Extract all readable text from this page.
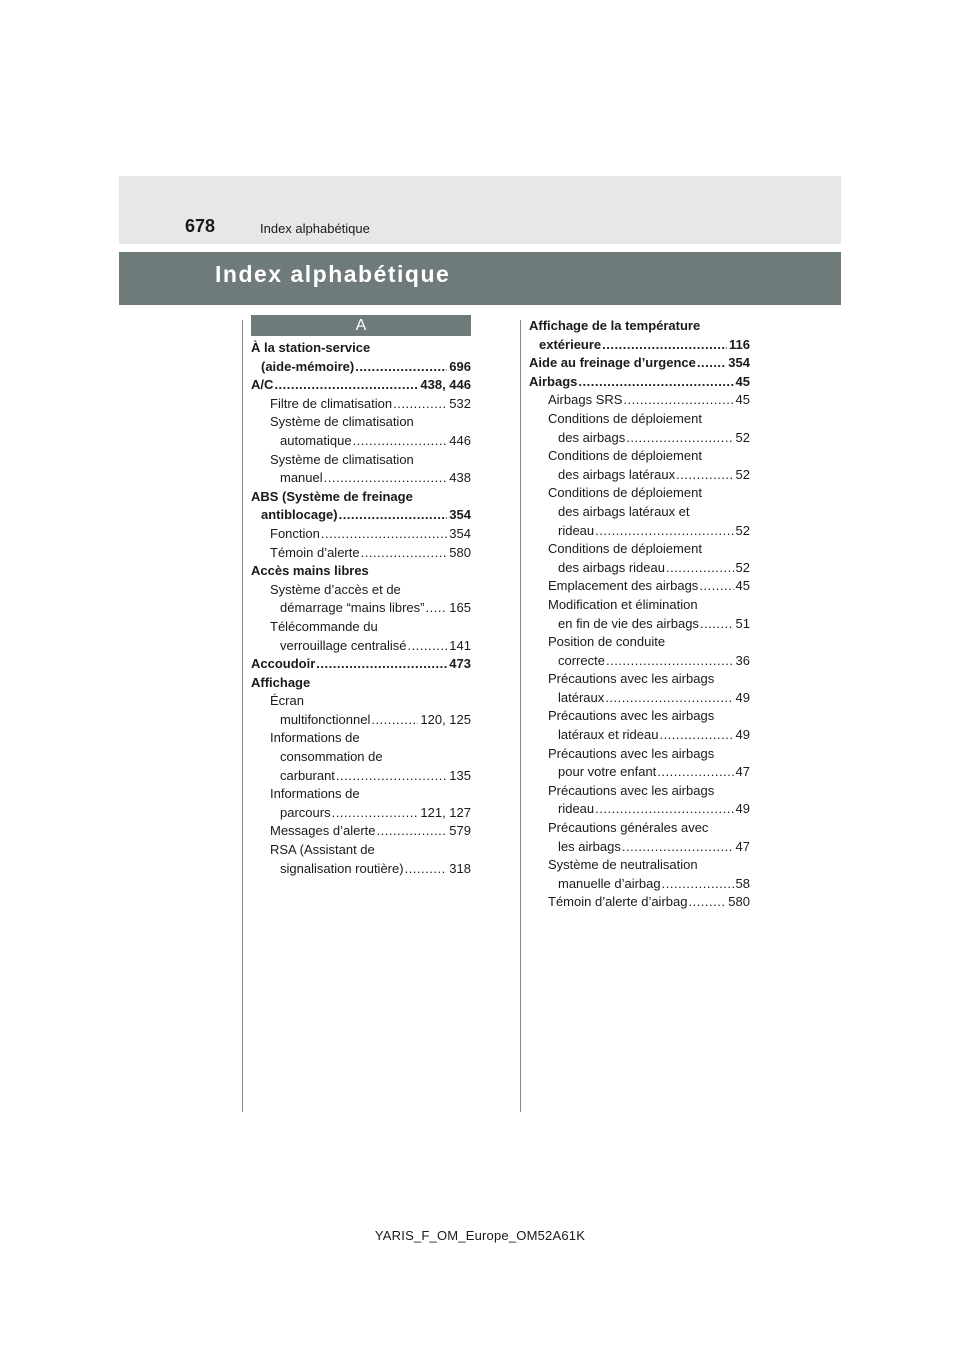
678	Index alphabétique
Index alphabétique
A
À la station-service
(aide-mémoire) .....	696
A/C .....	438, 446
Filtre de climatisation .....	532
Système de climatisation
automatique .....	446
Système de climatisation
manuel .....	438
ABS (Système de freinage
antiblocage) .....	354
Fonction .....	354
Témoin d’alerte .....	580
Accès mains libres
Système d’accès et de
démarrage “mains libres” ..... 165
Télécommande du
verrouillage centralisé .....	141
Accoudoir .....	473
Affichage
Écran
multifonctionnel .....	120, 125
Informations de
consommation de
carburant .....	135
Informations de
parcours .....	121, 127
Messages d’alerte .....	579
RSA (Assistant de
signalisation routière) .....	318
Affichage de la température
extérieure .....	116
Aide au freinage d’urgence ..... 354
Airbags .....	45
Airbags SRS .....	45
Conditions de déploiement
des airbags .....	52
Conditions de déploiement
des airbags latéraux .....	52
Conditions de déploiement
des airbags latéraux et
rideau .....	52
Conditions de déploiement
des airbags rideau .....	52
Emplacement des airbags .....	45
Modification et élimination
en fin de vie des airbags .....	51
Position de conduite
correcte .....	36
Précautions avec les airbags
latéraux .....	49
Précautions avec les airbags
latéraux et rideau .....	49
Précautions avec les airbags
pour votre enfant .....	47
Précautions avec les airbags
rideau .....	49
Précautions générales avec
les airbags .....	47
Système de neutralisation
manuelle d’airbag .....	58
Témoin d’alerte d’airbag .....	580
YARIS_F_OM_Europe_OM52A61K
